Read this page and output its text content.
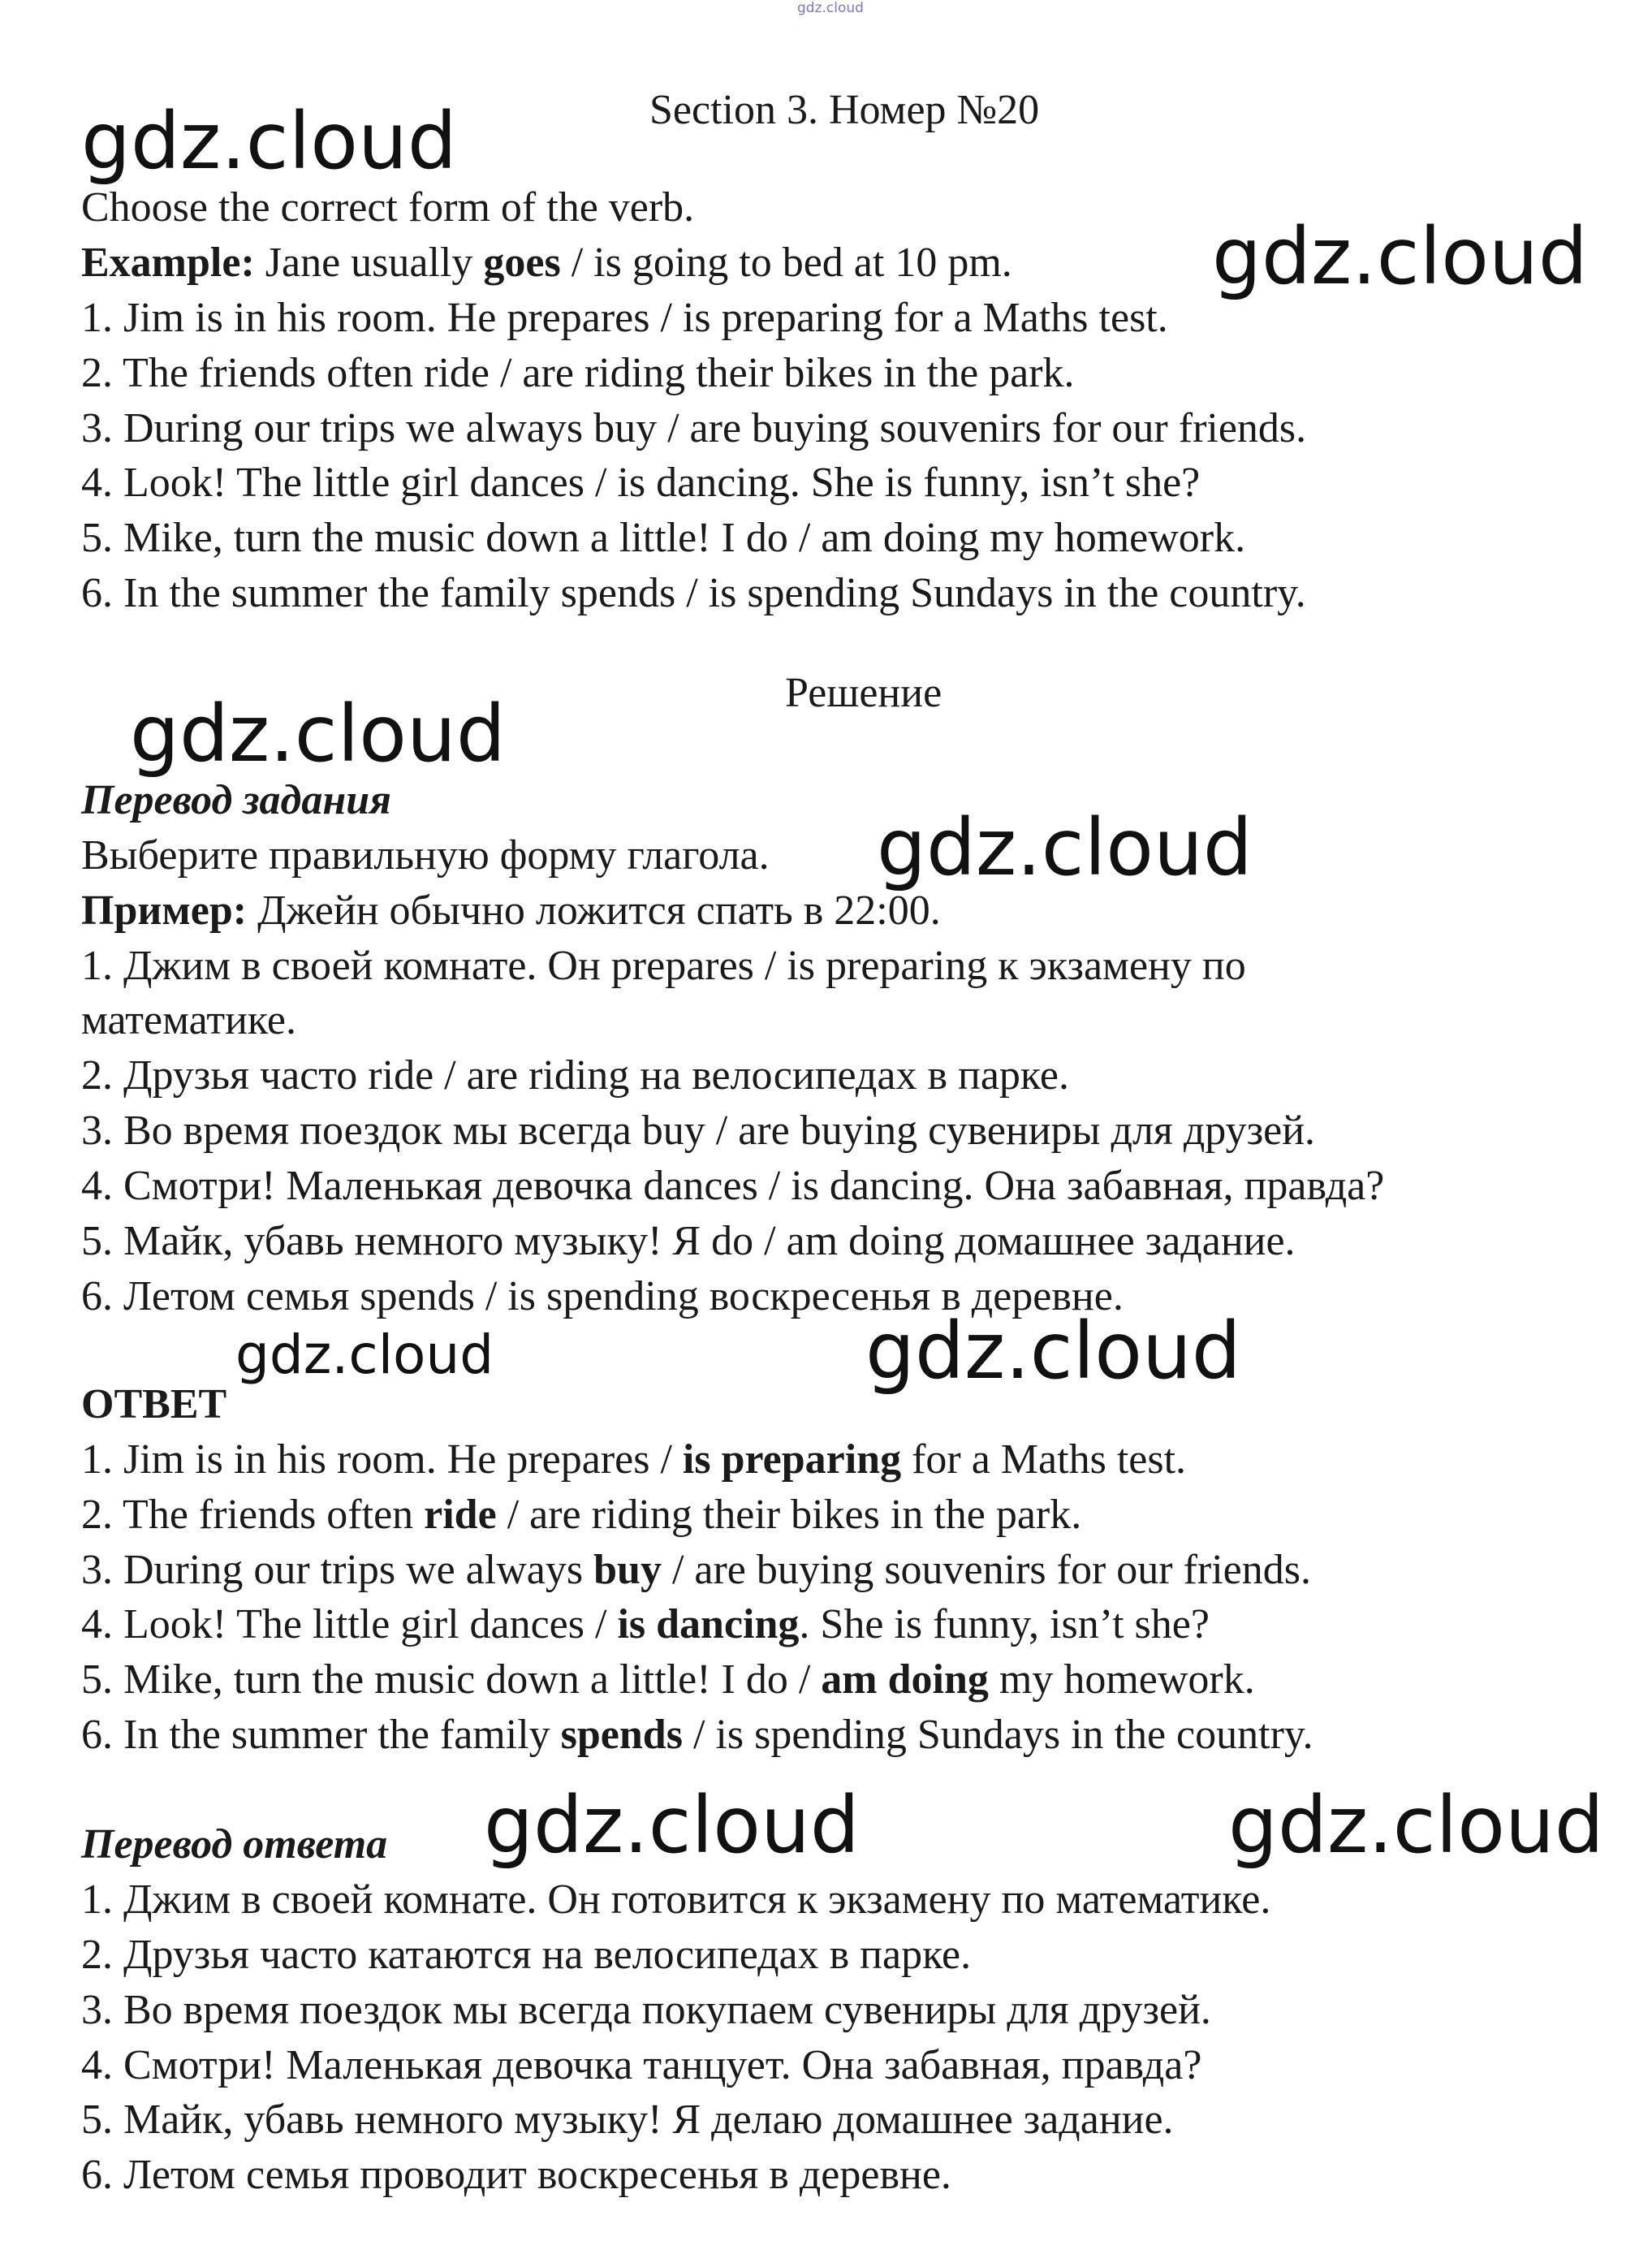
gdz.cloud
Section 3. Номер №20
Choose the correct form of the verb.
Example: Jane usually goes / is going to bed at 10 pm.
1. Jim is in his room. He prepares / is preparing for a Maths test.
2. The friends often ride / are riding their bikes in the park.
3. During our trips we always buy / are buying souvenirs for our friends.
4. Look! The little girl dances / is dancing. She is funny, isn’t she?
5. Mike, turn the music down a little! I do / am doing my homework.
6. In the summer the family spends / is spending Sundays in the country.
Решение
Перевод задания
Выберите правильную форму глагола.
Пример: Джейн обычно ложится спать в 22:00.
1. Джим в своей комнате. Он prepares / is preparing к экзамену по
математике.
2. Друзья часто ride / are riding на велосипедах в парке.
3. Во время поездок мы всегда buy / are buying сувениры для друзей.
4. Смотри! Маленькая девочка dances / is dancing. Она забавная, правда?
5. Майк, убавь немного музыку! Я do / am doing домашнее задание.
6. Летом семья spends / is spending воскресенья в деревне.
ОТВЕТ
1. Jim is in his room. He prepares / is preparing for a Maths test.
2. The friends often ride / are riding their bikes in the park.
3. During our trips we always buy / are buying souvenirs for our friends.
4. Look! The little girl dances / is dancing. She is funny, isn’t she?
5. Mike, turn the music down a little! I do / am doing my homework.
6. In the summer the family spends / is spending Sundays in the country.
Перевод ответа
1. Джим в своей комнате. Он готовится к экзамену по математике.
2. Друзья часто катаются на велосипедах в парке.
3. Во время поездок мы всегда покупаем сувениры для друзей.
4. Смотри! Маленькая девочка танцует. Она забавная, правда?
5. Майк, убавь немного музыку! Я делаю домашнее задание.
6. Летом семья проводит воскресенья в деревне.
gdz.cloud
gdz.cloud
gdz.cloud
gdz.cloud
gdz.cloud	gdz.cloud
gdz.cloud	gdz.cloud
